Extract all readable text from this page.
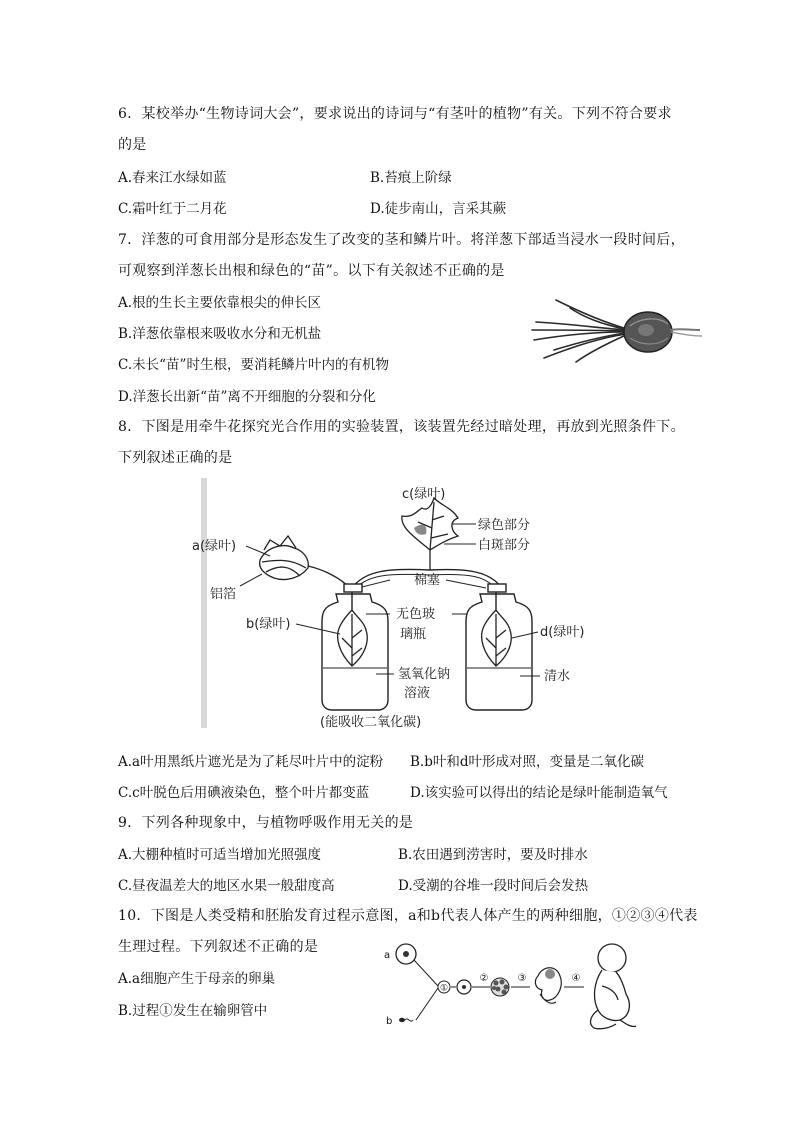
6．某校举办“生物诗词大会”，要求说出的诗词与“有茎叶的植物”有关。下列不符合要求
的是
A.春来江水绿如蓝	B.苔痕上阶绿
C.霜叶红于二月花	D.徒步南山，言采其蕨
7．洋葱的可食用部分是形态发生了改变的茎和鳞片叶。将洋葱下部适当浸水一段时间后，
可观察到洋葱长出根和绿色的“苗”。以下有关叙述不正确的是
A.根的生长主要依靠根尖的伸长区
B.洋葱依靠根来吸收水分和无机盐
C.未长“苗”时生根，要消耗鳞片叶内的有机物
D.洋葱长出新“苗”离不开细胞的分裂和分化
8．下图是用牵牛花探究光合作用的实验装置，该装置先经过暗处理，再放到光照条件下。
下列叙述正确的是
c(绿叶)
绿色部分
白斑部分
a(绿叶)
铝箔
棉塞
b(绿叶)
无色玻
璃瓶	d(绿叶)
氢氧化钠
溶液
清水
(能吸收二氧化碳)
A.a叶用黑纸片遮光是为了耗尽叶片中的淀粉 B.b叶和d叶形成对照，变量是二氧化碳
C.c叶脱色后用碘液染色，整个叶片都变蓝	D.该实验可以得出的结论是绿叶能制造氧气
9．下列各种现象中，与植物呼吸作用无关的是
A.大棚种植时可适当增加光照强度	B.农田遇到涝害时，要及时排水
C.昼夜温差大的地区水果一般甜度高	D.受潮的谷堆一段时间后会发热
10．下图是人类受精和胚胎发育过程示意图，a和b代表人体产生的两种细胞，①②③④代表
生理过程。下列叙述不正确的是
A.a细胞产生于母亲的卵巢
B.过程①发生在输卵管中
a
b
①
②	③	④
